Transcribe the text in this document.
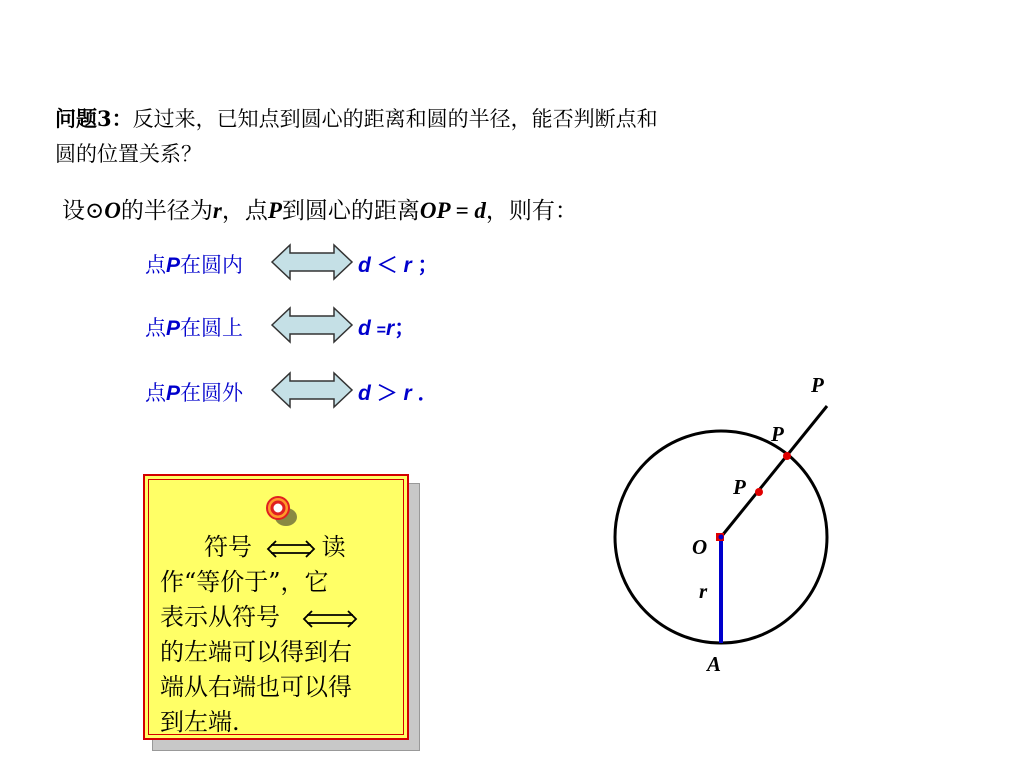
问题3：反过来，已知点到圆心的距离和圆的半径，能否判断点和
圆的位置关系？
设⊙O的半径为r，点P到圆心的距离OP = d，则有：
点P在圆内	d ＜ r ；
点P在圆上	d =r；
点P在圆外	d ＞ r ．

符号	读

作“等价于”，它

表示从符号

的左端可以得到右

端从右端也可以得

到左端.

P
P
P
O
r
A
